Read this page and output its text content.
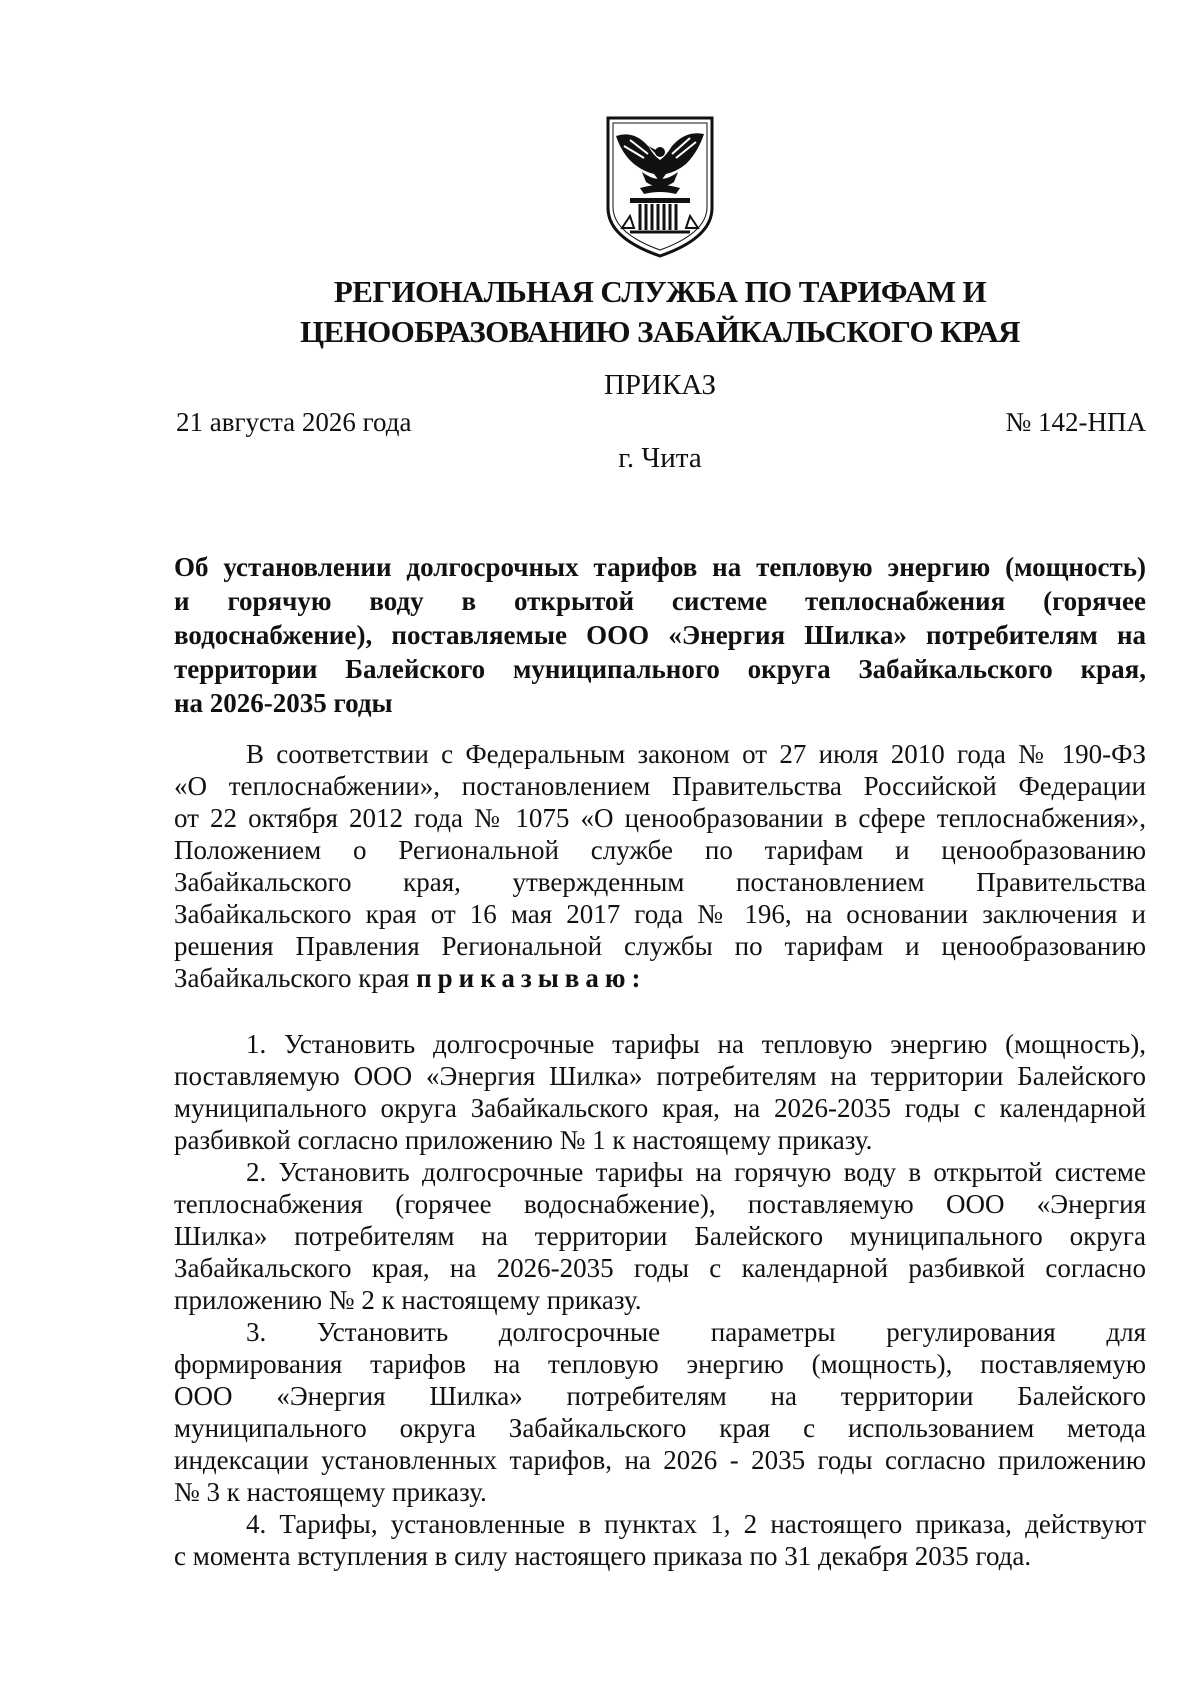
РЕГИОНАЛЬНАЯ СЛУЖБА ПО ТАРИФАМ И
ЦЕНООБРАЗОВАНИЮ ЗАБАЙКАЛЬСКОГО КРАЯ
ПРИКАЗ
21 августа 2026 года	№ 142-НПА
г. Чита
Об установлении долгосрочных тарифов на тепловую энергию (мощность)
и горячую воду в открытой системе теплоснабжения (горячее
водоснабжение), поставляемые ООО «Энергия Шилка» потребителям на
территории Балейского муниципального округа Забайкальского края,
на 2026-2035 годы
В соответствии с Федеральным законом от 27 июля 2010 года № 190-ФЗ
«О теплоснабжении», постановлением Правительства Российской Федерации
от 22 октября 2012 года № 1075 «О ценообразовании в сфере теплоснабжения»,
Положением о Региональной службе по тарифам и ценообразованию
Забайкальского края, утвержденным постановлением Правительства
Забайкальского края от 16 мая 2017 года № 196, на основании заключения и
решения Правления Региональной службы по тарифам и ценообразованию
Забайкальского края приказываю:
1. Установить долгосрочные тарифы на тепловую энергию (мощность),
поставляемую ООО «Энергия Шилка» потребителям на территории Балейского
муниципального округа Забайкальского края, на 2026-2035 годы с календарной
разбивкой согласно приложению № 1 к настоящему приказу.
2. Установить долгосрочные тарифы на горячую воду в открытой системе
теплоснабжения (горячее водоснабжение), поставляемую ООО «Энергия
Шилка» потребителям на территории Балейского муниципального округа
Забайкальского края, на 2026-2035 годы с календарной разбивкой согласно
приложению № 2 к настоящему приказу.
3. Установить долгосрочные параметры регулирования для
формирования тарифов на тепловую энергию (мощность), поставляемую
ООО «Энергия Шилка» потребителям на территории Балейского
муниципального округа Забайкальского края с использованием метода
индексации установленных тарифов, на 2026 - 2035 годы согласно приложению
№ 3 к настоящему приказу.
4. Тарифы, установленные в пунктах 1, 2 настоящего приказа, действуют
с момента вступления в силу настоящего приказа по 31 декабря 2035 года.
